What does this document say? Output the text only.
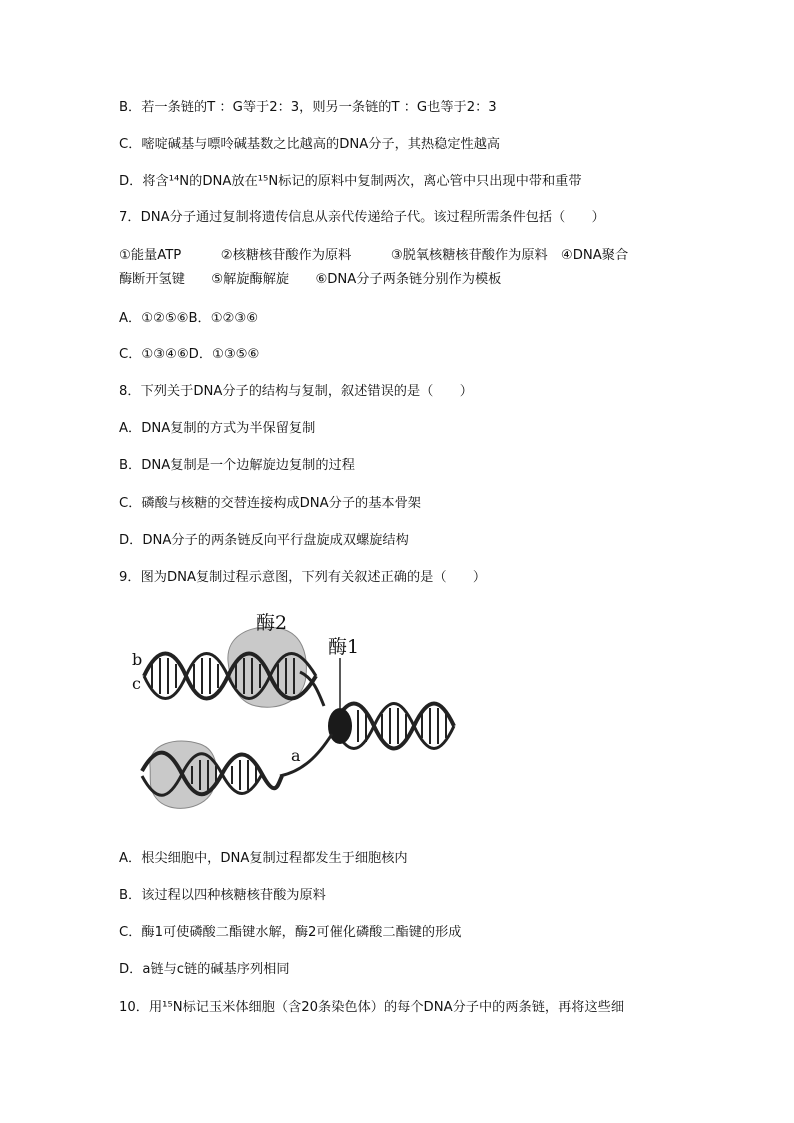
B．若一条链的T ：G等于2：3，则另一条链的T ：G也等于2：3
C．嘧啶碱基与嘌呤碱基数之比越高的DNA分子，其热稳定性越高
D．将含¹⁴N的DNA放在¹⁵N标记的原料中复制两次，离心管中只出现中带和重带
7．DNA分子通过复制将遗传信息从亲代传递给子代。该过程所需条件包括（　　）
①能量ATP　　　②核糖核苷酸作为原料　　　③脱氧核糖核苷酸作为原料　④DNA聚合
酶断开氢键　　⑤解旋酶解旋　　⑥DNA分子两条链分别作为模板
A．①②⑤⑥B．①②③⑥
C．①③④⑥D．①③⑤⑥
8．下列关于DNA分子的结构与复制，叙述错误的是（　　）
A．DNA复制的方式为半保留复制
B．DNA复制是一个边解旋边复制的过程
C．磷酸与核糖的交替连接构成DNA分子的基本骨架
D．DNA分子的两条链反向平行盘旋成双螺旋结构
9．图为DNA复制过程示意图，下列有关叙述正确的是（　　）
酶2
酶1
b
c
a
A．根尖细胞中，DNA复制过程都发生于细胞核内
B．该过程以四种核糖核苷酸为原料
C．酶1可使磷酸二酯键水解，酶2可催化磷酸二酯键的形成
D．a链与c链的碱基序列相同
10．用¹⁵N标记玉米体细胞（含20条染色体）的每个DNA分子中的两条链，再将这些细
